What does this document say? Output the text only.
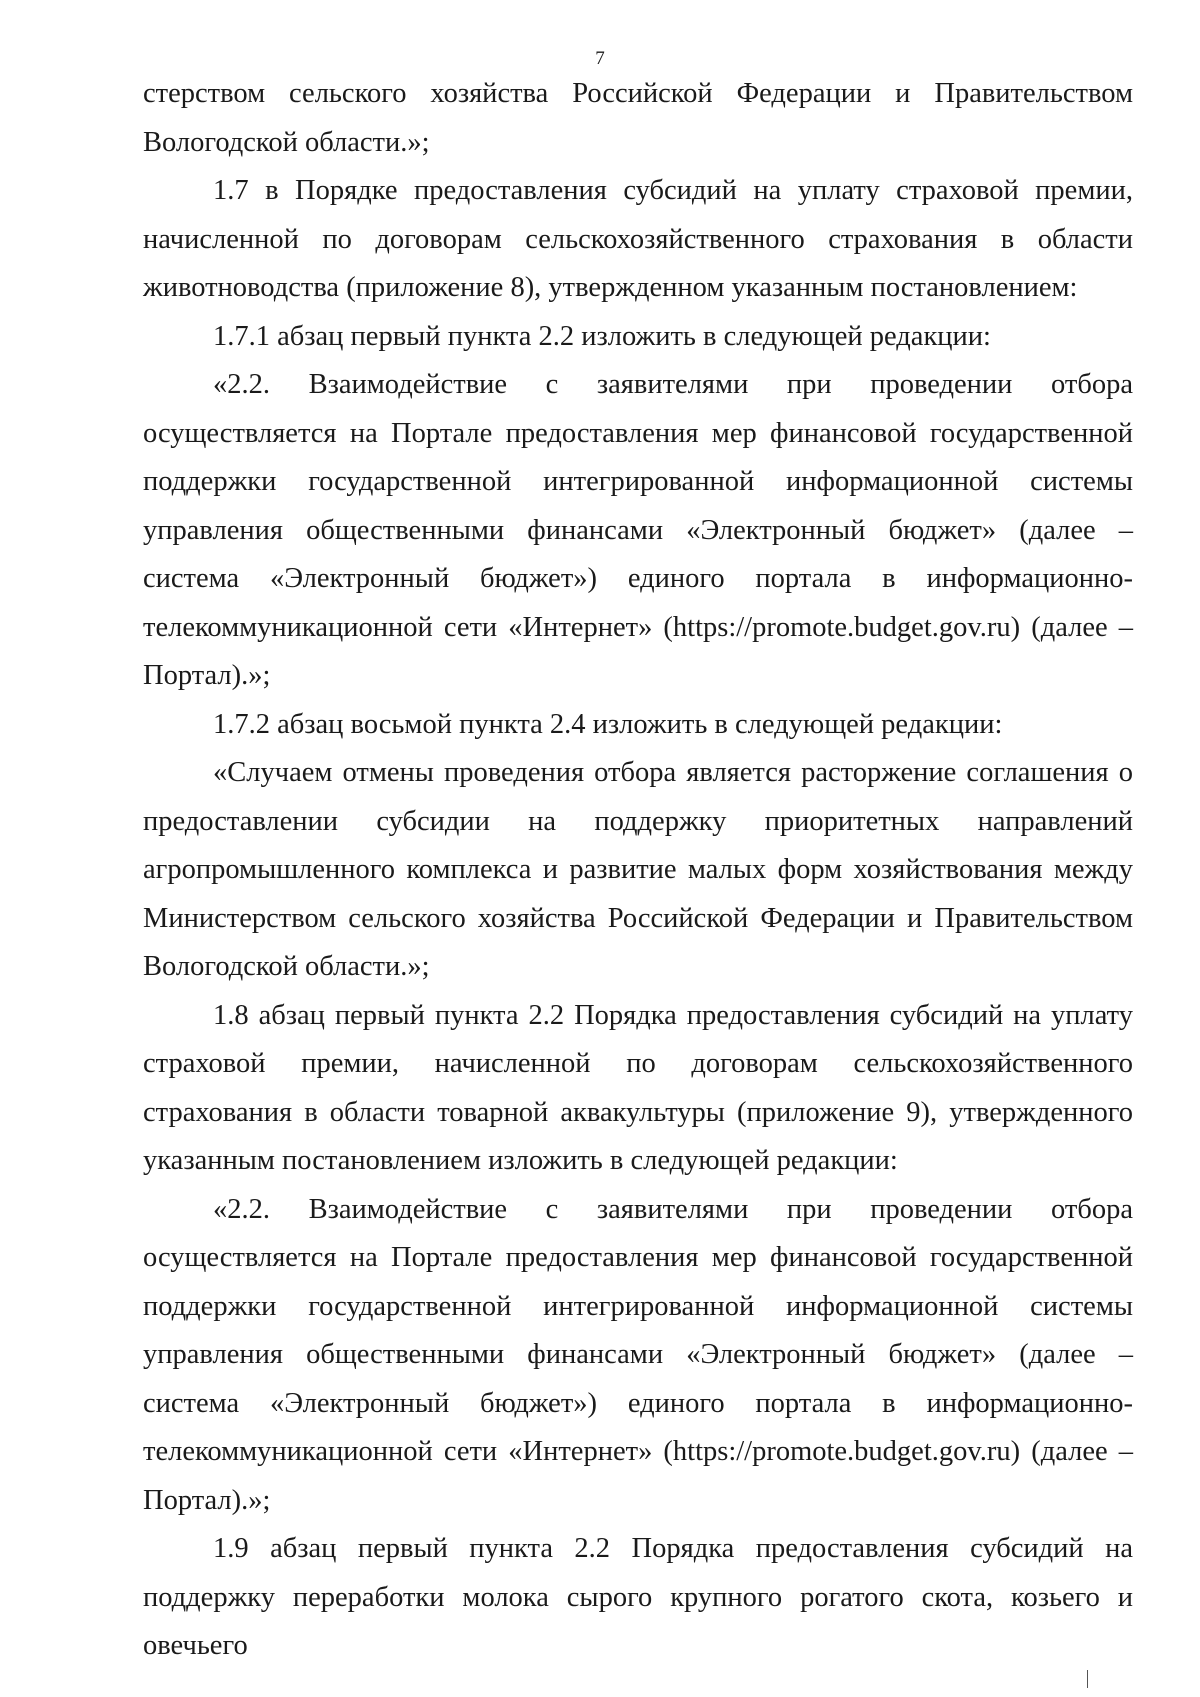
7

стерством сельского хозяйства Российской Федерации и Правительством Вологодской области.»;

1.7 в Порядке предоставления субсидий на уплату страховой премии, начисленной по договорам сельскохозяйственного страхования в области животноводства (приложение 8), утвержденном указанным постановлением:

1.7.1 абзац первый пункта 2.2 изложить в следующей редакции:

«2.2. Взаимодействие с заявителями при проведении отбора осуществляется на Портале предоставления мер финансовой государственной поддержки государственной интегрированной информационной системы управления общественными финансами «Электронный бюджет» (далее – система «Электронный бюджет») единого портала в информационно-телекоммуникационной сети «Интернет» (https://promote.budget.gov.ru) (далее – Портал).»;

1.7.2 абзац восьмой пункта 2.4 изложить в следующей редакции:

«Случаем отмены проведения отбора является расторжение соглашения о предоставлении субсидии на поддержку приоритетных направлений агропромышленного комплекса и развитие малых форм хозяйствования между Министерством сельского хозяйства Российской Федерации и Правительством Вологодской области.»;

1.8 абзац первый пункта 2.2 Порядка предоставления субсидий на уплату страховой премии, начисленной по договорам сельскохозяйственного страхования в области товарной аквакультуры (приложение 9), утвержденного указанным постановлением изложить в следующей редакции:

«2.2. Взаимодействие с заявителями при проведении отбора осуществляется на Портале предоставления мер финансовой государственной поддержки государственной интегрированной информационной системы управления общественными финансами «Электронный бюджет» (далее – система «Электронный бюджет») единого портала в информационно-телекоммуникационной сети «Интернет» (https://promote.budget.gov.ru) (далее – Портал).»;

1.9 абзац первый пункта 2.2 Порядка предоставления субсидий на поддержку переработки молока сырого крупного рогатого скота, козьего и овечьего
